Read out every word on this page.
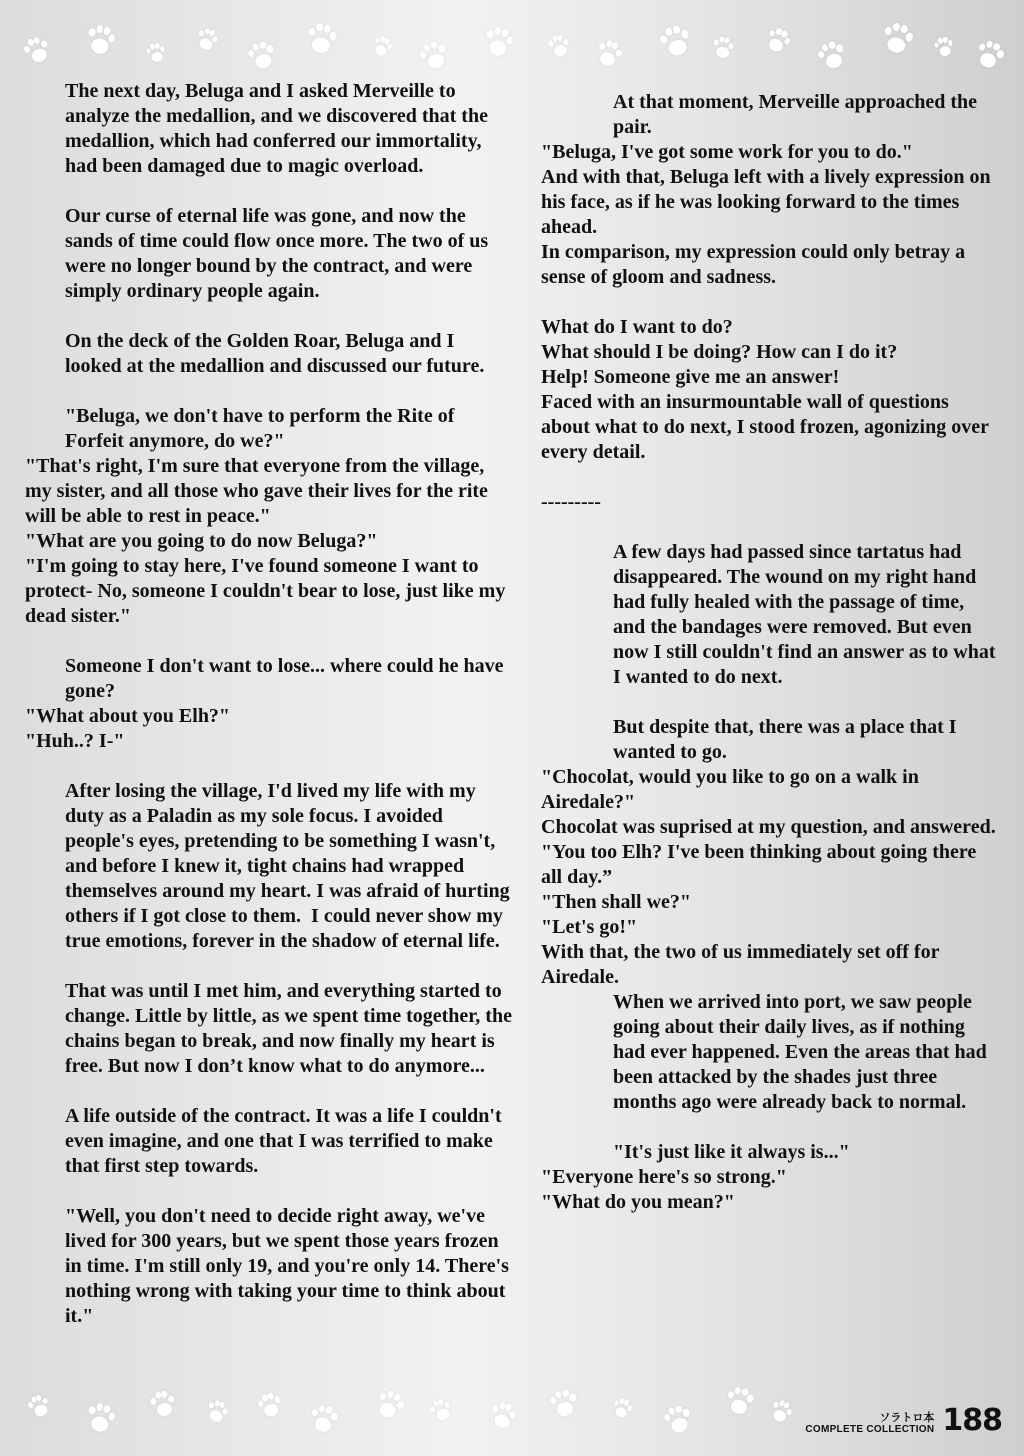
The next day, Beluga and I asked Merveille to analyze the medallion, and we discovered that the medallion, which had conferred our immortality, had been damaged due to magic overload.

Our curse of eternal life was gone, and now the sands of time could flow once more. The two of us were no longer bound by the contract, and were simply ordinary people again.

On the deck of the Golden Roar, Beluga and I looked at the medallion and discussed our future.

"Beluga, we don't have to perform the Rite of Forfeit anymore, do we?"

"That's right, I'm sure that everyone from the village, my sister, and all those who gave their lives for the rite will be able to rest in peace."

"What are you going to do now Beluga?"

"I'm going to stay here, I've found someone I want to protect- No, someone I couldn't bear to lose, just like my dead sister."

Someone I don't want to lose... where could he have gone?

"What about you Elh?"

"Huh..? I-"

After losing the village, I'd lived my life with my duty as a Paladin as my sole focus. I avoided people's eyes, pretending to be something I wasn't, and before I knew it, tight chains had wrapped themselves around my heart. I was afraid of hurting others if I got close to them.  I could never show my true emotions, forever in the shadow of eternal life.

That was until I met him, and everything started to change. Little by little, as we spent time together, the chains began to break, and now finally my heart is free. But now I don’t know what to do anymore...

A life outside of the contract. It was a life I couldn't even imagine, and one that I was terrified to make that first step towards.

"Well, you don't need to decide right away, we've lived for 300 years, but we spent those years frozen in time. I'm still only 19, and you're only 14. There's nothing wrong with taking your time to think about it."

At that moment, Merveille approached the pair.

"Beluga, I've got some work for you to do."

And with that, Beluga left with a lively expression on his face, as if he was looking forward to the times ahead.

In comparison, my expression could only betray a sense of gloom and sadness.

What do I want to do?

What should I be doing? How can I do it?

Help! Someone give me an answer!

Faced with an insurmountable wall of questions about what to do next, I stood frozen, agonizing over every detail.

---------

A few days had passed since tartatus had disappeared. The wound on my right hand had fully healed with the passage of time, and the bandages were removed. But even now I still couldn't find an answer as to what I wanted to do next.

But despite that, there was a place that I wanted to go.

"Chocolat, would you like to go on a walk in Airedale?"

Chocolat was suprised at my question, and answered.

"You too Elh? I've been thinking about going there all day.”

"Then shall we?"

"Let's go!"

With that, the two of us immediately set off for Airedale.

When we arrived into port, we saw people going about their daily lives, as if nothing had ever happened. Even the areas that had been attacked by the shades just three months ago were already back to normal.

"It's just like it always is..."

"Everyone here's so strong."

"What do you mean?"

ソラトロ本
COMPLETE COLLECTION 188
